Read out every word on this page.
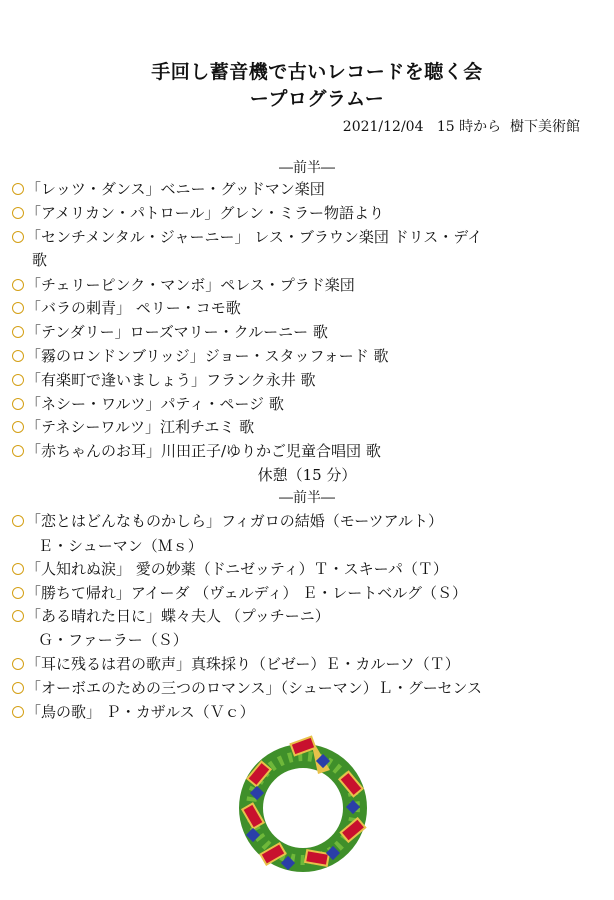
手回し蓄音機で古いレコードを聴く会
ープログラムー
2021/12/04   15 時から  樹下美術館
―前半―
「レッツ・ダンス」ベニー・グッドマン楽団
「アメリカン・パトロール」グレン・ミラー物語より
「センチメンタル・ジャーニー」 レス・ブラウン楽団 ドリス・デイ
歌
「チェリーピンク・マンボ」ペレス・プラド楽団
「バラの刺青」 ペリー・コモ歌
「テンダリー」ローズマリー・クルーニー 歌
「霧のロンドンブリッジ」ジョー・スタッフォード 歌
「有楽町で逢いましょう」フランク永井 歌
「ネシー・ワルツ」パティ・ページ 歌
「テネシーワルツ」江利チエミ 歌
「赤ちゃんのお耳」川田正子/ゆりかご児童合唱団 歌
休憩（15 分）
―前半―
「恋とはどんなものかしら」フィガロの結婚（モーツアルト）
Ｅ・シューマン（Ｍｓ）
「人知れぬ涙」 愛の妙薬（ドニゼッティ）Ｔ・スキーパ（Ｔ）
「勝ちて帰れ」アイーダ （ヴェルディ） Ｅ・レートベルグ（Ｓ）
「ある晴れた日に」蝶々夫人 （プッチーニ）
Ｇ・ファーラー（Ｓ）
「耳に残るは君の歌声」真珠採り（ビゼー）Ｅ・カルーソ（Ｔ）
「オーボエのための三つのロマンス」（シューマン）Ｌ・グーセンス
「鳥の歌」 Ｐ・カザルス（Ｖｃ）
